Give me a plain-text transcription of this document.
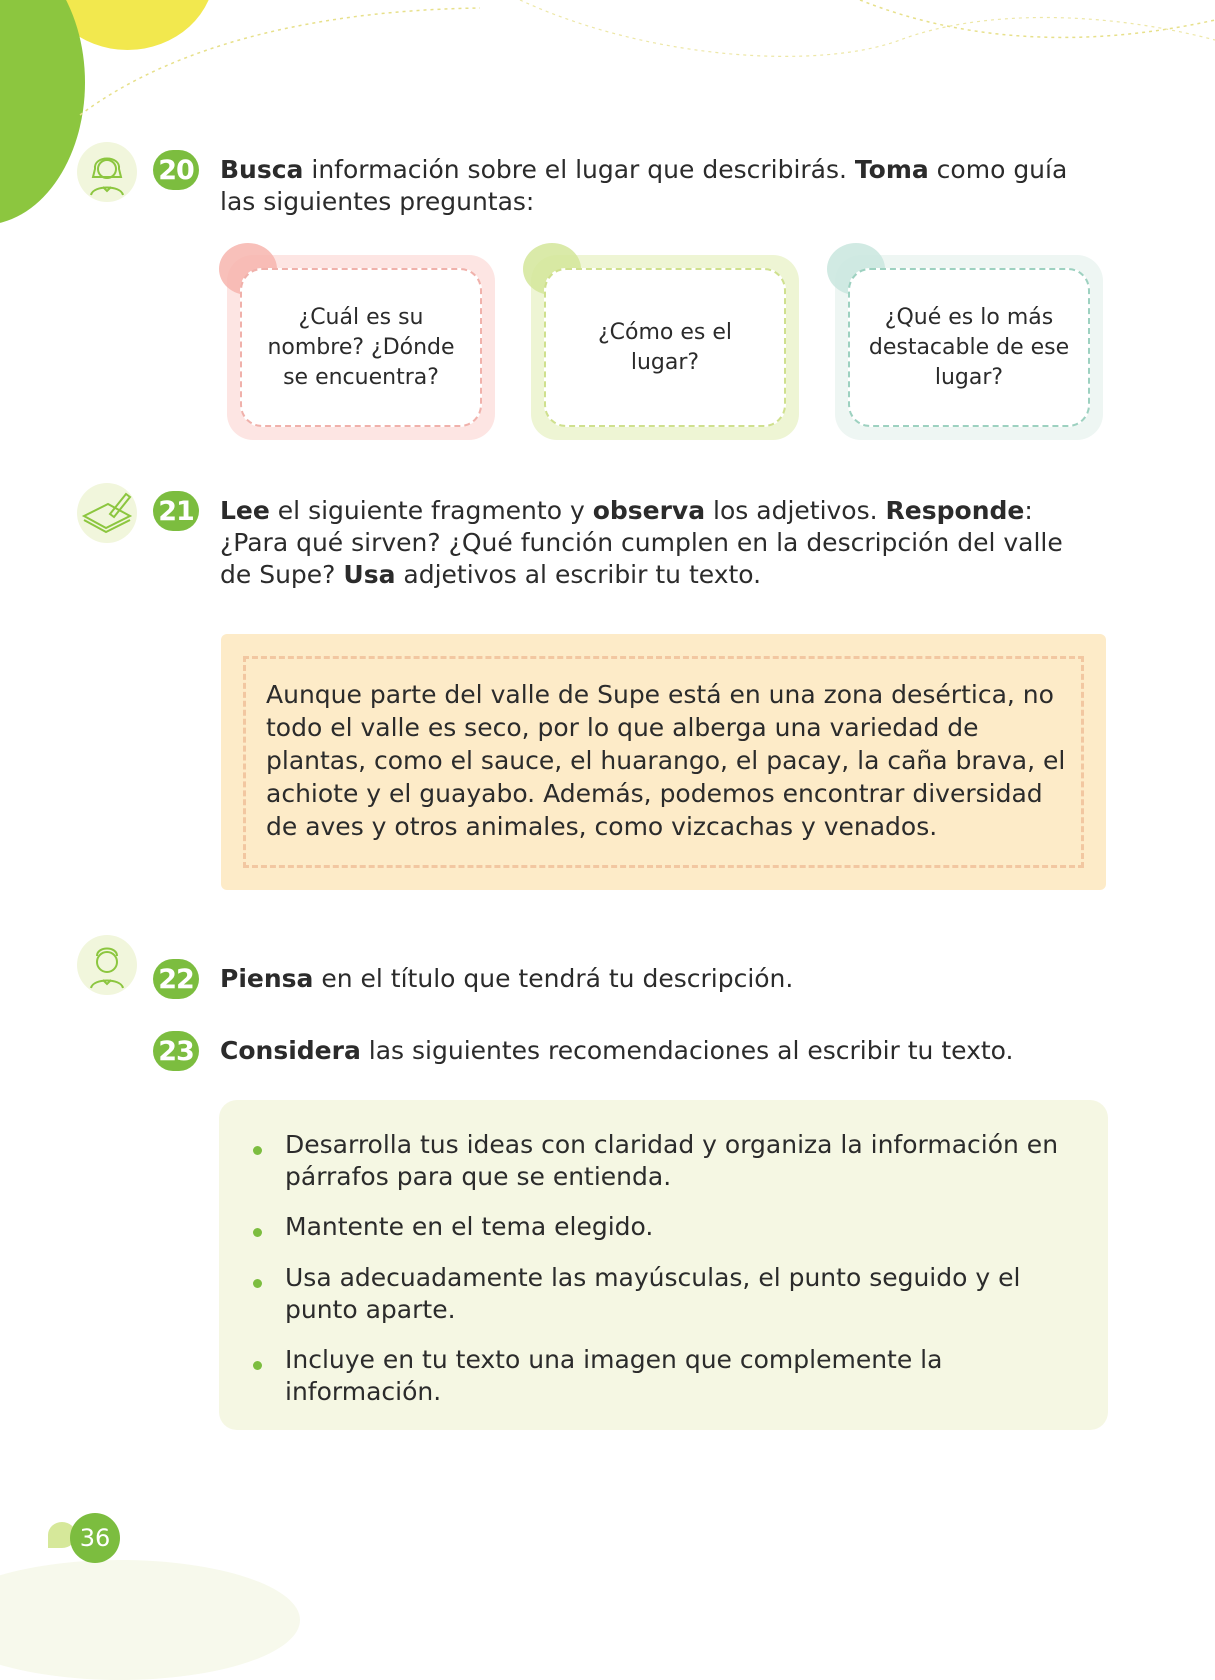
20 Busca información sobre el lugar que describirás. Toma como guía las siguientes preguntas:

¿Cuál es su nombre? ¿Dónde se encuentra?
¿Cómo es el lugar?
¿Qué es lo más destacable de ese lugar?
21 Lee el siguiente fragmento y observa los adjetivos. Responde: ¿Para qué sirven? ¿Qué función cumplen en la descripción del valle de Supe? Usa adjetivos al escribir tu texto.

Aunque parte del valle de Supe está en una zona desértica, no todo el valle es seco, por lo que alberga una variedad de plantas, como el sauce, el huarango, el pacay, la caña brava, el achiote y el guayabo. Además, podemos encontrar diversidad de aves y otros animales, como vizcachas y venados.

22 Piensa en el título que tendrá tu descripción.

23 Considera las siguientes recomendaciones al escribir tu texto.

Desarrolla tus ideas con claridad y organiza la información en párrafos para que se entienda.

Mantente en el tema elegido.

Usa adecuadamente las mayúsculas, el punto seguido y el punto aparte.

Incluye en tu texto una imagen que complemente la información.

36
